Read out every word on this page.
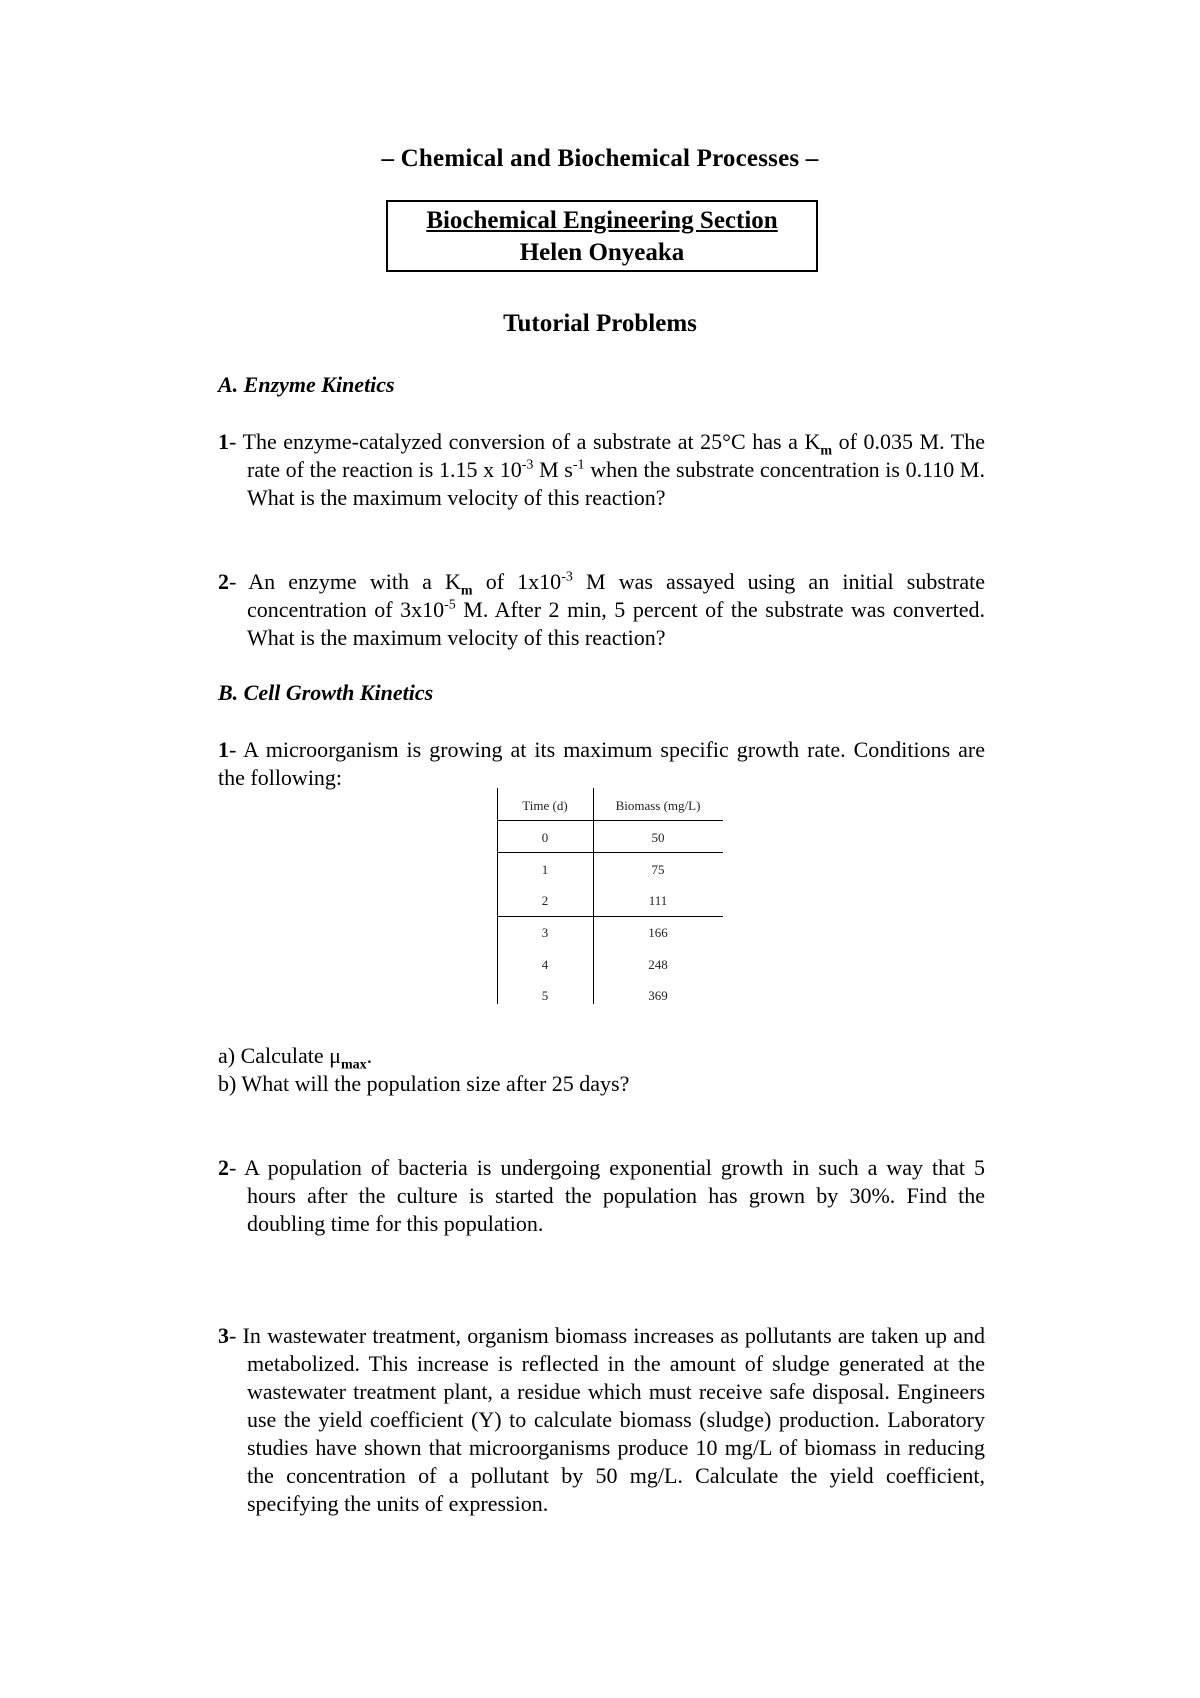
– Chemical and Biochemical Processes –
Biochemical Engineering Section
Helen Onyeaka
Tutorial Problems
A. Enzyme Kinetics
1- The enzyme-catalyzed conversion of a substrate at 25°C has a $K_m$ of 0.035 M. The rate of the reaction is 1.15 x $10^{-3}$ M $s^{-1}$ when the substrate concentration is 0.110 M. What is the maximum velocity of this reaction?
2- An enzyme with a $K_m$ of $1x10^{-3}$ M was assayed using an initial substrate concentration of $3x10^{-5}$ M. After 2 min, 5 percent of the substrate was converted. What is the maximum velocity of this reaction?
B. Cell Growth Kinetics
1- A microorganism is growing at its maximum specific growth rate. Conditions are the following:
Time (d)	Biomass (mg/L)
0	50
1	75
2	111
3	166
4	248
5	369
a) Calculate $\mu_{max}$.
b) What will the population size after 25 days?
2- A population of bacteria is undergoing exponential growth in such a way that 5 hours after the culture is started the population has grown by 30%. Find the doubling time for this population.
3- In wastewater treatment, organism biomass increases as pollutants are taken up and metabolized. This increase is reflected in the amount of sludge generated at the wastewater treatment plant, a residue which must receive safe disposal. Engineers use the yield coefficient (Y) to calculate biomass (sludge) production. Laboratory studies have shown that microorganisms produce 10 mg/L of biomass in reducing the concentration of a pollutant by 50 mg/L. Calculate the yield coefficient, specifying the units of expression.
